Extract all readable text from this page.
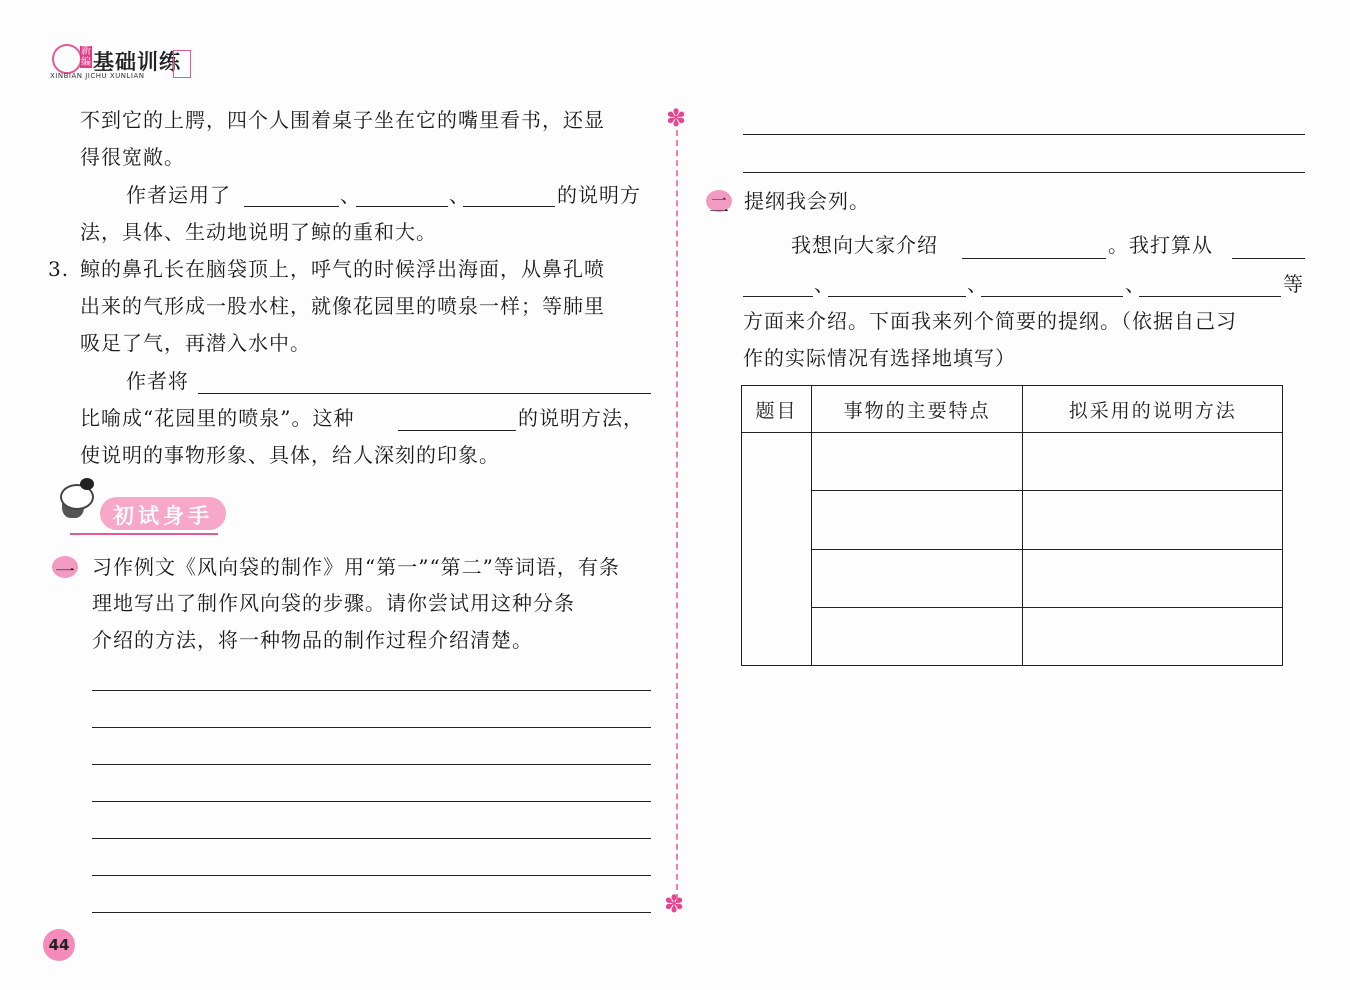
新编 基础训练
XINBIAN JICHU XUNLIAN
✽
✽
不到它的上腭，四个人围着桌子坐在它的嘴里看书，还显
得很宽敞。
作者运用了	、	、	的说明方
法，具体、生动地说明了鲸的重和大。
3. 鲸的鼻孔长在脑袋顶上，呼气的时候浮出海面，从鼻孔喷
出来的气形成一股水柱，就像花园里的喷泉一样；等肺里
吸足了气，再潜入水中。
作者将
比喻成“花园里的喷泉”。这种	的说明方法，
使说明的事物形象、具体，给人深刻的印象。
初试身手
一 习作例文《风向袋的制作》用“第一”“第二”等词语，有条
理地写出了制作风向袋的步骤。请你尝试用这种分条
介绍的方法，将一种物品的制作过程介绍清楚。
二 提纲我会列。
我想向大家介绍	。我打算从
、	、	、	等
方面来介绍。下面我来列个简要的提纲。（依据自己习
作的实际情况有选择地填写）
题目	事物的主要特点	拟采用的说明方法

44
